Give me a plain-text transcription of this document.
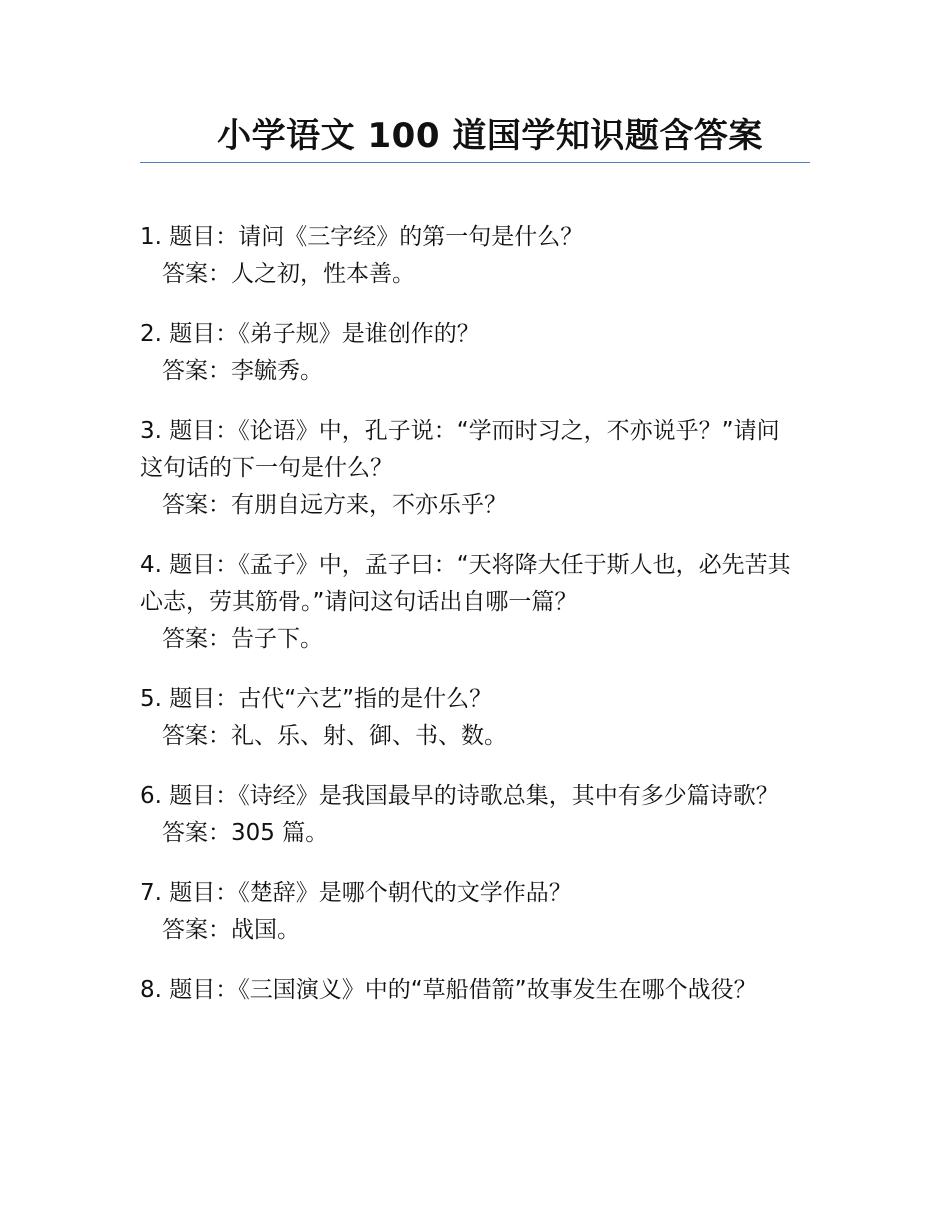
小学语文 100 道国学知识题含答案

1. 题目：请问《三字经》的第一句是什么？

答案：人之初，性本善。

2. 题目：《弟子规》是谁创作的？

答案：李毓秀。

3. 题目：《论语》中，孔子说：“学而时习之，不亦说乎？”请问这句话的下一句是什么？

答案：有朋自远方来，不亦乐乎？

4. 题目：《孟子》中，孟子曰：“天将降大任于斯人也，必先苦其心志，劳其筋骨。”请问这句话出自哪一篇？

答案：告子下。

5. 题目：古代“六艺”指的是什么？

答案：礼、乐、射、御、书、数。

6. 题目：《诗经》是我国最早的诗歌总集，其中有多少篇诗歌？

答案：305 篇。

7. 题目：《楚辞》是哪个朝代的文学作品？

答案：战国。

8. 题目：《三国演义》中的“草船借箭”故事发生在哪个战役？
